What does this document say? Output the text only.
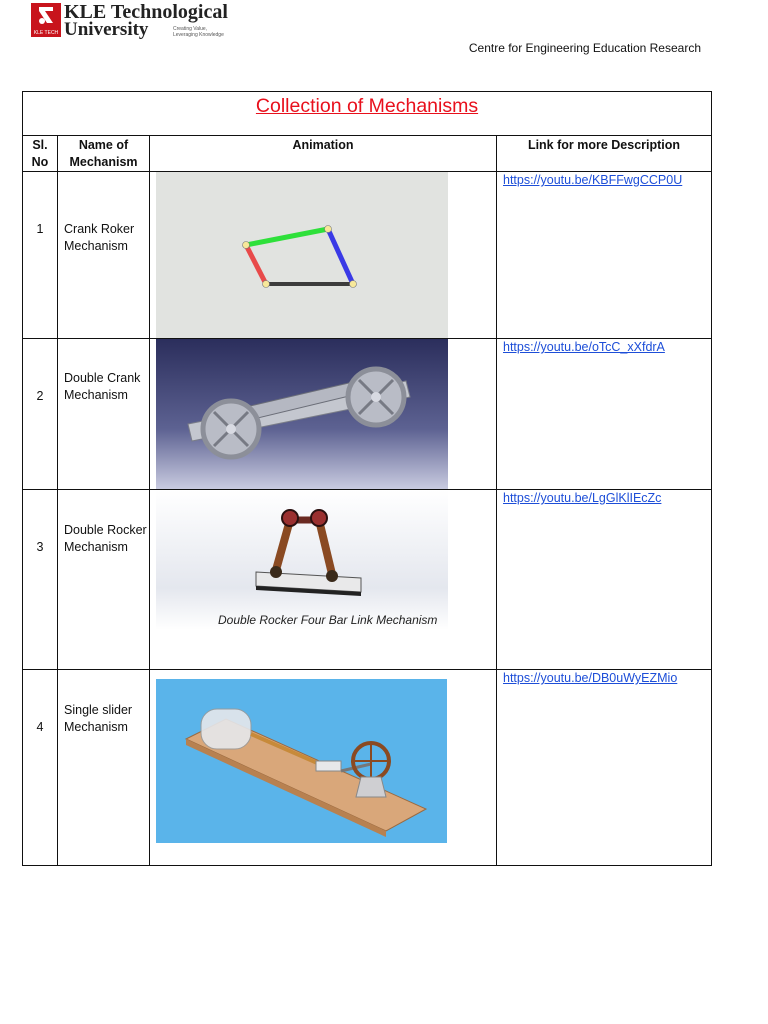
KLE TECH
KLE Technological
University	Creating Value, Leveraging Knowledge
Centre for Engineering Education Research
Collection of Mechanisms			
Sl. No	Name of Mechanism	Animation	Link for more Description
1	Crank Roker Mechanism		https://youtu.be/KBFFwgCCP0U
2	Double Crank Mechanism		https://youtu.be/oTcC_xXfdrA
3	Double Rocker Mechanism	Double Rocker Four Bar Link Mechanism	https://youtu.be/LgGlKlIEcZc
4	Single slider Mechanism		https://youtu.be/DB0uWyEZMio
